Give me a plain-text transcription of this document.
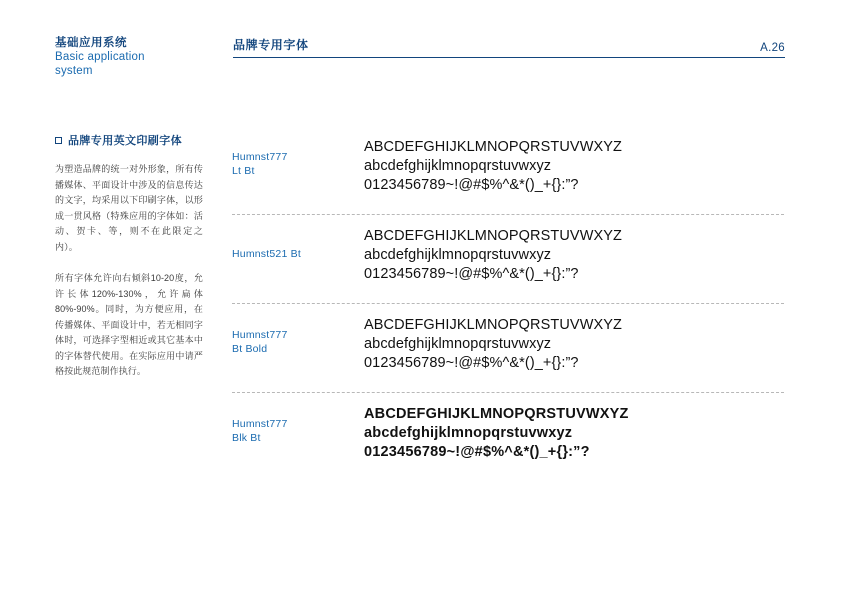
基础应用系统
Basic application
system
品牌专用字体	A.26
品牌专用英文印刷字体
为塑造品牌的统一对外形象，所有传播媒体、平面设计中涉及的信息传达的文字，均采用以下印刷字体，以形成一贯风格（特殊应用的字体如：活动、贺卡、等，则不在此限定之内）。
所有字体允许向右倾斜10-20度，允许长体120%-130%，允许扁体80%-90%。同时，为方便应用，在传播媒体、平面设计中，若无相同字体时，可选择字型相近或其它基本中的字体替代使用。在实际应用中请严格按此规范制作执行。
Humnst777
Lt Bt
ABCDEFGHIJKLMNOPQRSTUVWXYZ
abcdefghijklmnopqrstuvwxyz
0123456789~!@#$%^&*()_+{}:”?
Humnst521 Bt
ABCDEFGHIJKLMNOPQRSTUVWXYZ
abcdefghijklmnopqrstuvwxyz
0123456789~!@#$%^&*()_+{}:”?
Humnst777
Bt Bold
ABCDEFGHIJKLMNOPQRSTUVWXYZ
abcdefghijklmnopqrstuvwxyz
0123456789~!@#$%^&*()_+{}:”?
Humnst777
Blk Bt
ABCDEFGHIJKLMNOPQRSTUVWXYZ
abcdefghijklmnopqrstuvwxyz
0123456789~!@#$%^&*()_+{}:”?
